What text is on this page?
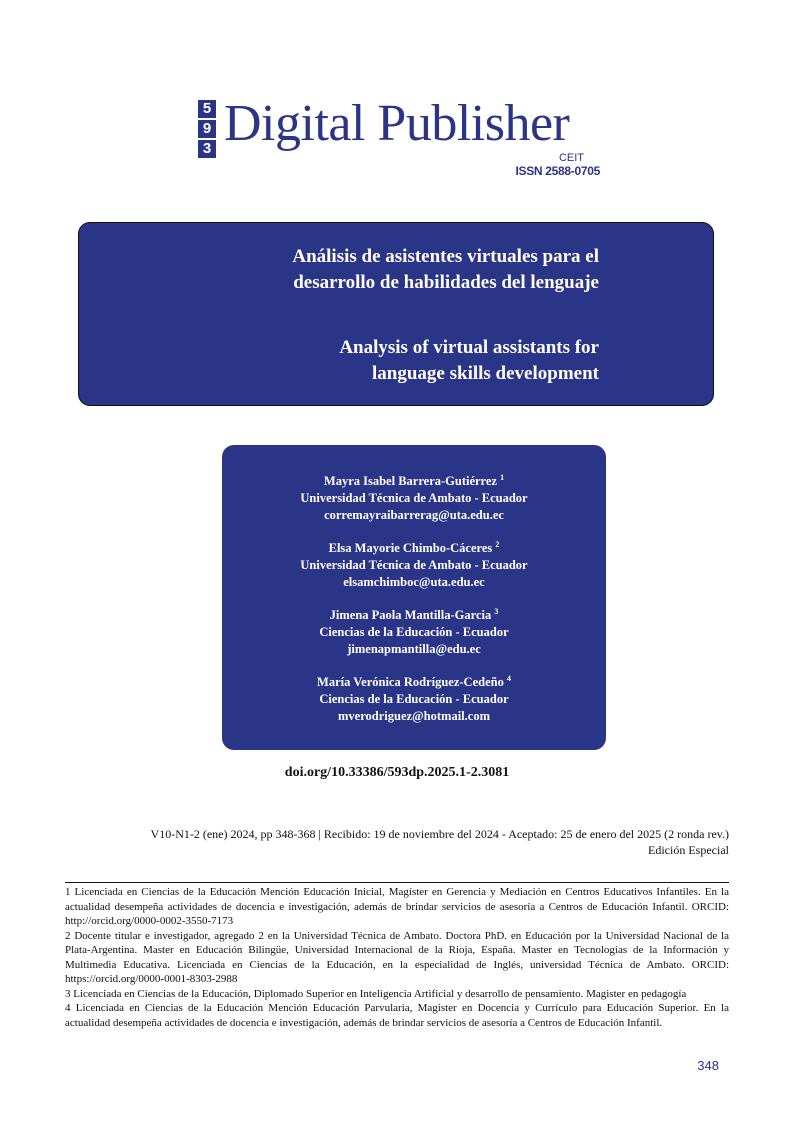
5
9
3 Digital Publisher
CEIT
ISSN 2588-0705
Análisis de asistentes virtuales para el
desarrollo de habilidades del lenguaje
Analysis of virtual assistants for
language skills development
Mayra Isabel Barrera-Gutiérrez $^1$
Universidad Técnica de Ambato - Ecuador
corremayraibarrerag@uta.edu.ec
Elsa Mayorie Chimbo-Cáceres $^2$
Universidad Técnica de Ambato - Ecuador
elsamchimboc@uta.edu.ec
Jimena Paola Mantilla-Garcia $^3$
Ciencias de la Educación - Ecuador
jimenapmantilla@edu.ec
María Verónica Rodríguez-Cedeño $^4$
Ciencias de la Educación - Ecuador
mverodriguez@hotmail.com
doi.org/10.33386/593dp.2025.1-2.3081
V10-N1-2 (ene) 2024, pp 348-368 | Recibido: 19 de noviembre del 2024 - Aceptado: 25 de enero del 2025 (2 ronda rev.)
Edición Especial

1 Licenciada en Ciencias de la Educación Mención Educación Inicial, Magíster en Gerencia y Mediación en Centros Educativos Infantiles. En la actualidad desempeña actividades de docencia e investigación, además de brindar servicios de asesoría a Centros de Educación Infantil. ORCID: http://orcid.org/0000-0002-3550-7173

2 Docente titular e investigador, agregado 2 en la Universidad Técnica de Ambato. Doctora PhD. en Educación por la Universidad Nacional de la Plata-Argentina. Master en Educación Bilingüe, Universidad Internacional de la Rioja, España. Master en Tecnologías de la Información y Multimedia Educativa. Licenciada en Ciencias de la Educación, en la especialidad de Inglés, universidad Técnica de Ambato. ORCID: https://orcid.org/0000-0001-8303-2988

3 Licenciada en Ciencias de la Educación, Diplomado Superior en Inteligencia Artificial y desarrollo de pensamiento. Magister en pedagogía

4 Licenciada en Ciencias de la Educación Mención Educación Parvularia, Magister en Docencia y Currículo para Educación Superior. En la actualidad desempeña actividades de docencia e investigación, además de brindar servicios de asesoría a Centros de Educación Infantil.

348
